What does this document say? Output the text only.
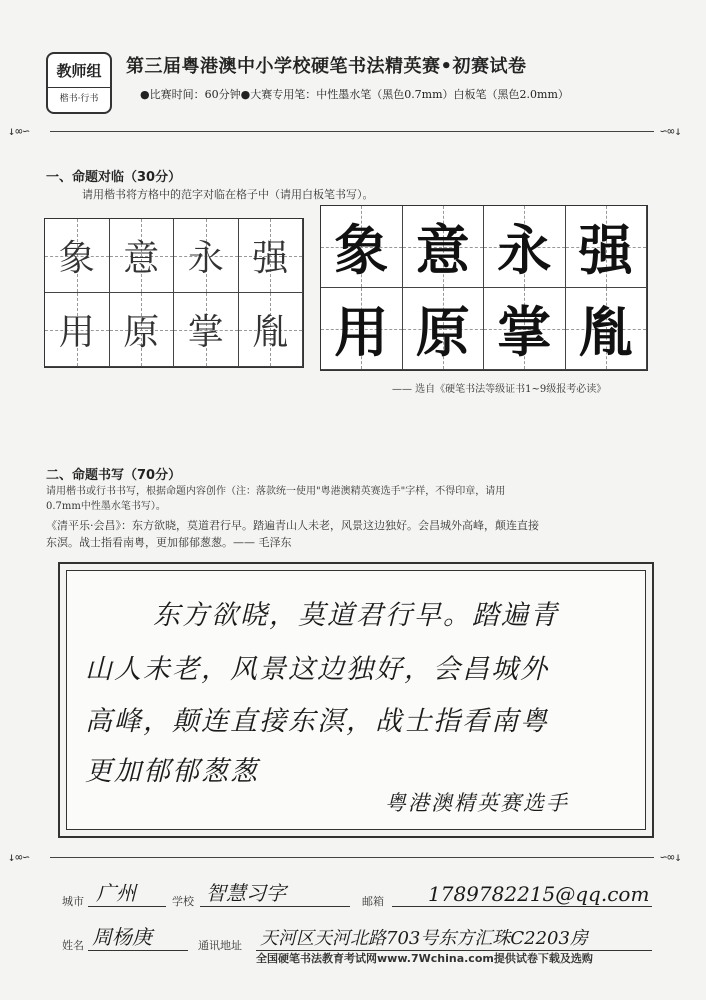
教师组
楷书·行书
第三届粤港澳中小学校硬笔书法精英赛•初赛试卷
●比赛时间：60分钟●大赛专用笔：中性墨水笔（黑色0.7mm）白板笔（黑色2.0mm）
↓∞∽	∽∞↓
一、命题对临（30分）
请用楷书将方格中的范字对临在格子中（请用白板笔书写）。
象 意 永 强
用 原 掌 胤
象 意 永 强
用 原 掌 胤
—— 选自《硬笔书法等级证书1~9级报考必读》
二、命题书写（70分）
请用楷书或行书书写，根据命题内容创作（注：落款统一使用"粤港澳精英赛选手"字样，不得印章，请用
0.7mm中性墨水笔书写）。
《清平乐·会昌》：东方欲晓，莫道君行早。踏遍青山人未老，风景这边独好。会昌城外高峰，颠连直接
东溟。战士指看南粤，更加郁郁葱葱。—— 毛泽东
东方欲晓，莫道君行早。踏遍青
山人未老，风景这边独好，会昌城外
高峰，颠连直接东溟，战士指看南粤
更加郁郁葱葱
粤港澳精英赛选手
↓∞∽	∽∞↓
城市 广州	学校 智慧习字	邮箱 1789782215@qq.com
姓名 周杨庚	通讯地址 天河区天河北路703号东方汇珠C2203房
全国硬笔书法教育考试网www.7Wchina.com提供试卷下载及选购
